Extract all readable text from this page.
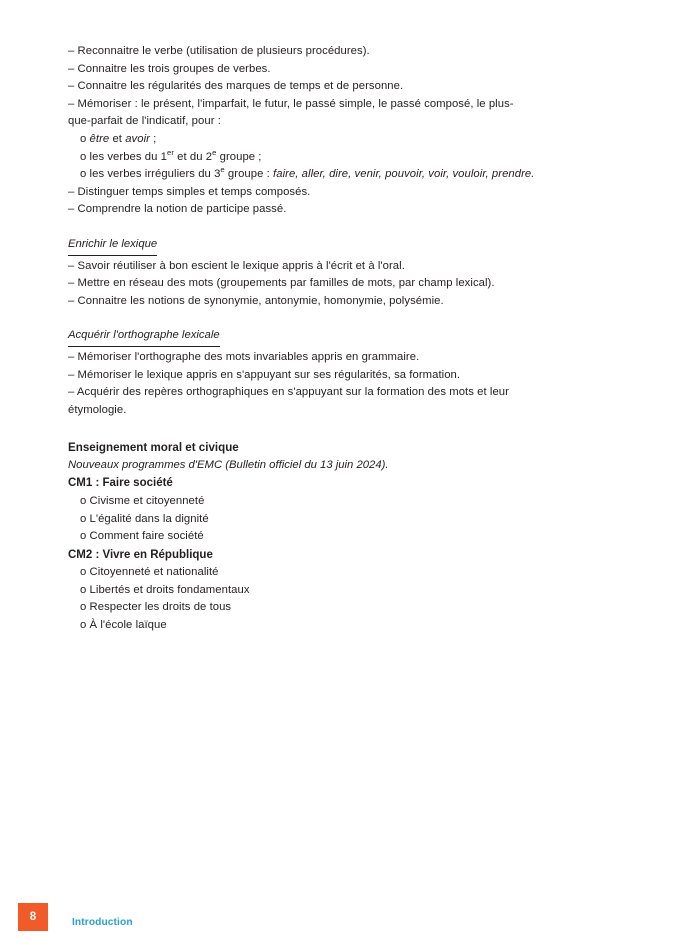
– Reconnaitre le verbe (utilisation de plusieurs procédures).
– Connaitre les trois groupes de verbes.
– Connaitre les régularités des marques de temps et de personne.
– Mémoriser : le présent, l'imparfait, le futur, le passé simple, le passé composé, le plus-
que-parfait de l'indicatif, pour :
o être et avoir ;
o les verbes du 1er et du 2e groupe ;
o les verbes irréguliers du 3e groupe : faire, aller, dire, venir, pouvoir, voir, vouloir, prendre.
– Distinguer temps simples et temps composés.
– Comprendre la notion de participe passé.
Enrichir le lexique
– Savoir réutiliser à bon escient le lexique appris à l'écrit et à l'oral.
– Mettre en réseau des mots (groupements par familles de mots, par champ lexical).
– Connaitre les notions de synonymie, antonymie, homonymie, polysémie.
Acquérir l'orthographe lexicale
– Mémoriser l'orthographe des mots invariables appris en grammaire.
– Mémoriser le lexique appris en s'appuyant sur ses régularités, sa formation.
– Acquérir des repères orthographiques en s'appuyant sur la formation des mots et leur
étymologie.
Enseignement moral et civique
Nouveaux programmes d'EMC (Bulletin officiel du 13 juin 2024).
CM1 : Faire société
o Civisme et citoyenneté
o L'égalité dans la dignité
o Comment faire société
CM2 : Vivre en République
o Citoyenneté et nationalité
o Libertés et droits fondamentaux
o Respecter les droits de tous
o À l'école laïque
8	Introduction
